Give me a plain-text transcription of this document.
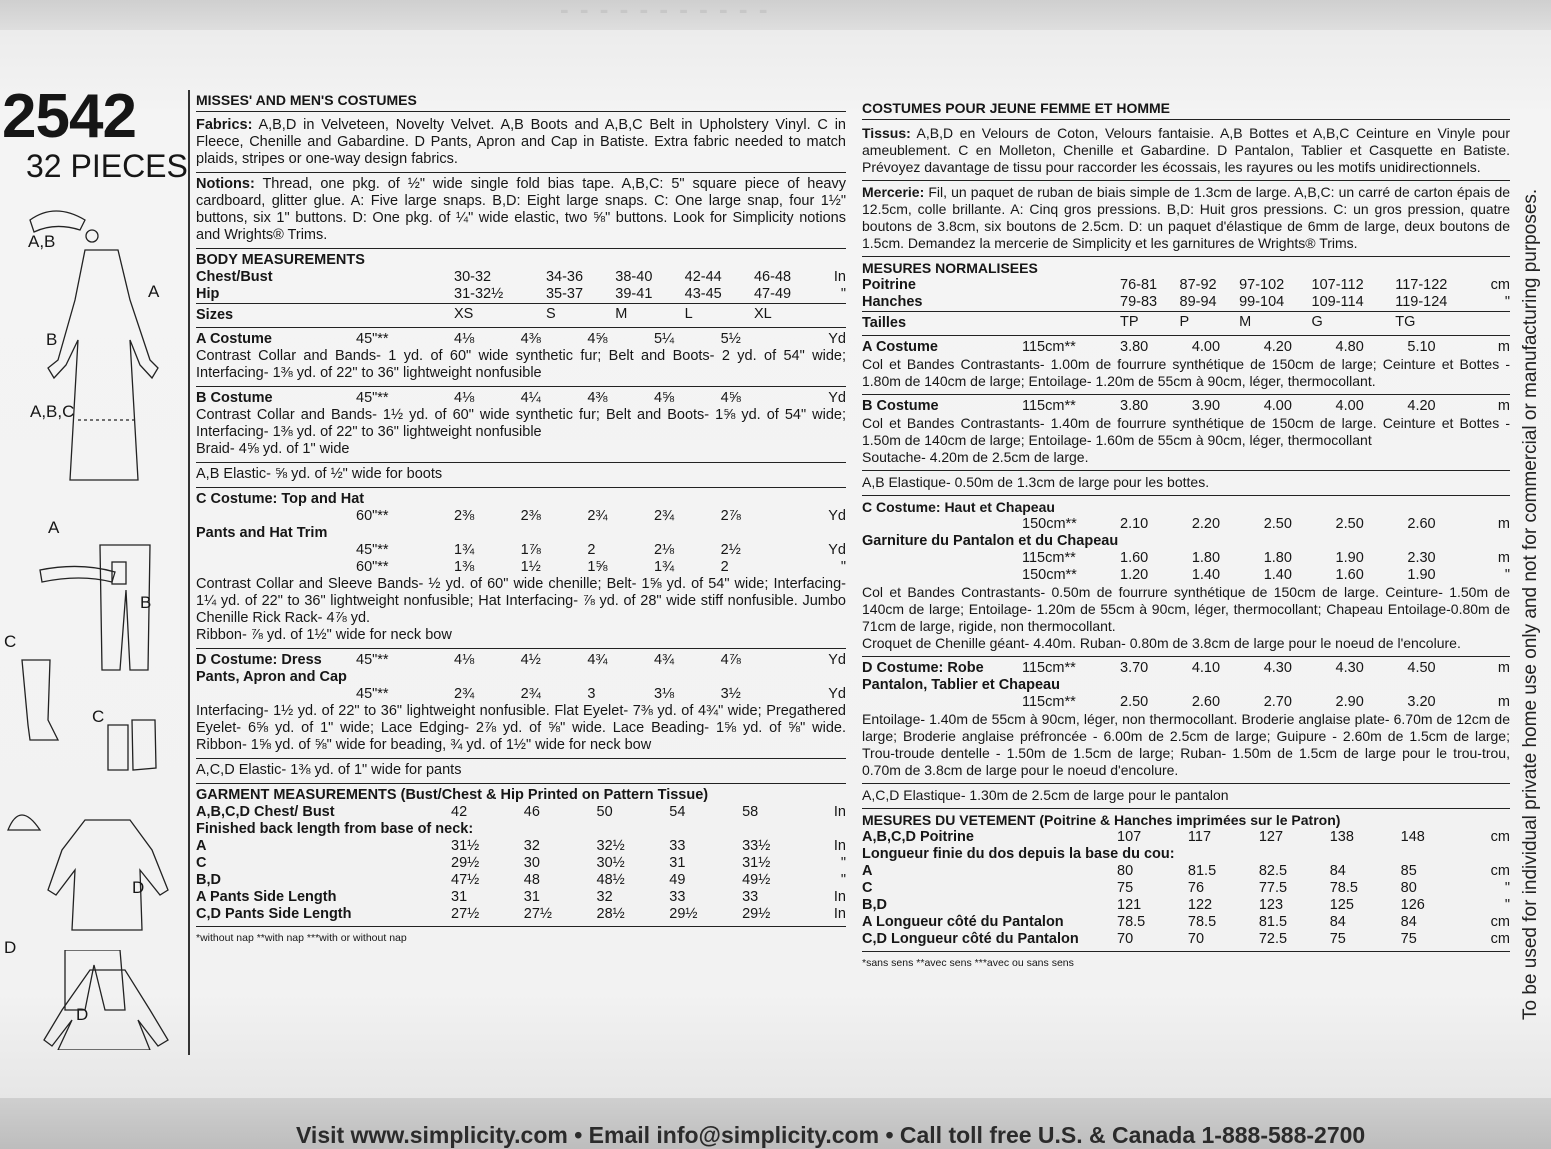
- - - - - - - - - - -
2542
32 PIECES
A,B
A
B
A,B,C
A
B
C
C
D
D
D
MISSES' AND MEN'S COSTUMES

Fabrics: A,B,D in Velveteen, Novelty Velvet. A,B Boots and A,B,C Belt in Upholstery Vinyl. C in Fleece, Chenille and Gabardine. D Pants, Apron and Cap in Batiste. Extra fabric needed to match plaids, stripes or one-way design fabrics.

Notions: Thread, one pkg. of ½" wide single fold bias tape. A,B,C: 5" square piece of heavy cardboard, glitter glue. A: Five large snaps. B,D: Eight large snaps. C: One large snap, four 1½" buttons, six 1" buttons. D: One pkg. of ¼" wide elastic, two ⅝" buttons. Look for Simplicity notions and Wrights® Trims.

BODY MEASUREMENTS
Chest/Bust	30-32	34-36	38-40	42-44	46-48	In
Hip	31-32½	35-37	39-41	43-45	47-49	"
Sizes	XS	S	M	L	XL	
A Costume	45"**	4⅛	4⅜	4⅝	5¼	5½	Yd

Contrast Collar and Bands- 1 yd. of 60" wide synthetic fur; Belt and Boots- 2 yd. of 54" wide; Interfacing- 1⅜ yd. of 22" to 36" lightweight nonfusible

B Costume	45"**	4⅛	4¼	4⅜	4⅝	4⅝	Yd

Contrast Collar and Bands- 1½ yd. of 60" wide synthetic fur; Belt and Boots- 1⅝ yd. of 54" wide; Interfacing- 1⅜ yd. of 22" to 36" lightweight nonfusible

Braid- 4⅝ yd. of 1" wide

A,B Elastic- ⅝ yd. of ½" wide for boots

C Costume: Top and Hat
	60"**	2⅜	2⅜	2¾	2¾	2⅞	Yd
Pants and Hat Trim							
	45"**	1¾	1⅞	2	2⅛	2½	Yd
	60"**	1⅜	1½	1⅝	1¾	2	"

Contrast Collar and Sleeve Bands- ½ yd. of 60" wide chenille; Belt- 1⅝ yd. of 54" wide; Interfacing- 1¼ yd. of 22" to 36" lightweight nonfusible; Hat Interfacing- ⅞ yd. of 28" wide stiff nonfusible. Jumbo Chenille Rick Rack- 4⅞ yd.

Ribbon- ⅞ yd. of 1½" wide for neck bow

D Costume: Dress	45"**	4⅛	4½	4¾	4¾	4⅞	Yd
Pants, Apron and Cap							
	45"**	2¾	2¾	3	3⅛	3½	Yd

Interfacing- 1½ yd. of 22" to 36" lightweight nonfusible. Flat Eyelet- 7⅜ yd. of 4¾" wide; Pregathered Eyelet- 6⅝ yd. of 1" wide; Lace Edging- 2⅞ yd. of ⅝" wide. Lace Beading- 1⅝ yd. of ⅝" wide. Ribbon- 1⅝ yd. of ⅝" wide for beading, ¾ yd. of 1½" wide for neck bow

A,C,D Elastic- 1⅜ yd. of 1" wide for pants

GARMENT MEASUREMENTS (Bust/Chest & Hip Printed on Pattern Tissue)
A,B,C,D Chest/ Bust	42	46	50	54	58	In
Finished back length from base of neck:						
A	31½	32	32½	33	33½	In
C	29½	30	30½	31	31½	"
B,D	47½	48	48½	49	49½	"
A Pants Side Length	31	31	32	33	33	In
C,D Pants Side Length	27½	27½	28½	29½	29½	In
*without nap **with nap ***with or without nap
COSTUMES POUR JEUNE FEMME ET HOMME

Tissus: A,B,D en Velours de Coton, Velours fantaisie. A,B Bottes et A,B,C Ceinture en Vinyle pour ameublement. C en Molleton, Chenille et Gabardine. D Pantalon, Tablier et Casquette en Batiste. Prévoyez davantage de tissu pour raccorder les écossais, les rayures ou les motifs unidirectionnels.

Mercerie: Fil, un paquet de ruban de biais simple de 1.3cm de large. A,B,C: un carré de carton épais de 12.5cm, colle brillante. A: Cinq gros pressions. B,D: Huit gros pressions. C: un gros pression, quatre boutons de 3.8cm, six boutons de 2.5cm. D: un paquet d'élastique de 6mm de large, deux boutons de 1.5cm. Demandez la mercerie de Simplicity et les garnitures de Wrights® Trims.

MESURES NORMALISEES
Poitrine	76-81	87-92	97-102	107-112	117-122	cm
Hanches	79-83	89-94	99-104	109-114	119-124	"
Tailles	TP	P	M	G	TG	
A Costume	115cm**	3.80	4.00	4.20	4.80	5.10	m

Col et Bandes Contrastants- 1.00m de fourrure synthétique de 150cm de large; Ceinture et Bottes - 1.80m de 140cm de large; Entoilage- 1.20m de 55cm à 90cm, léger, thermocollant.

B Costume	115cm**	3.80	3.90	4.00	4.00	4.20	m

Col et Bandes Contrastants- 1.40m de fourrure synthétique de 150cm de large. Ceinture et Bottes - 1.50m de 140cm de large; Entoilage- 1.60m de 55cm à 90cm, léger, thermocollant

Soutache- 4.20m de 2.5cm de large.

A,B Elastique- 0.50m de 1.3cm de large pour les bottes.

C Costume: Haut et Chapeau
	150cm**	2.10	2.20	2.50	2.50	2.60	m
Garniture du Pantalon et du Chapeau							
	115cm**	1.60	1.80	1.80	1.90	2.30	m
	150cm**	1.20	1.40	1.40	1.60	1.90	"

Col et Bandes Contrastants- 0.50m de fourrure synthétique de 150cm de large. Ceinture- 1.50m de 140cm de large; Entoilage- 1.20m de 55cm à 90cm, léger, thermocollant; Chapeau Entoilage-0.80m de 71cm de large, rigide, non thermocollant.

Croquet de Chenille géant- 4.40m. Ruban- 0.80m de 3.8cm de large pour le noeud de l'encolure.

D Costume: Robe	115cm**	3.70	4.10	4.30	4.30	4.50	m
Pantalon, Tablier et Chapeau							
	115cm**	2.50	2.60	2.70	2.90	3.20	m

Entoilage- 1.40m de 55cm à 90cm, léger, non thermocollant. Broderie anglaise plate- 6.70m de 12cm de large; Broderie anglaise préfroncée - 6.00m de 2.5cm de large; Guipure - 2.60m de 1.5cm de large; Trou-troude dentelle - 1.50m de 1.5cm de large; Ruban- 1.50m de 1.5cm de large pour le trou-trou, 0.70m de 3.8cm de large pour le noeud d'encolure.

A,C,D Elastique- 1.30m de 2.5cm de large pour le pantalon

MESURES DU VETEMENT (Poitrine & Hanches imprimées sur le Patron)
A,B,C,D Poitrine	107	117	127	138	148	cm
Longueur finie du dos depuis la base du cou:						
A	80	81.5	82.5	84	85	cm
C	75	76	77.5	78.5	80	"
B,D	121	122	123	125	126	"
A Longueur côté du Pantalon	78.5	78.5	81.5	84	84	cm
C,D Longueur côté du Pantalon	70	70	72.5	75	75	cm
*sans sens **avec sens ***avec ou sans sens	To be used for individual private home use only and not for commercial or manufacturing purposes.
Visit www.simplicity.com • Email info@simplicity.com • Call toll free U.S. & Canada 1-888-588-2700
